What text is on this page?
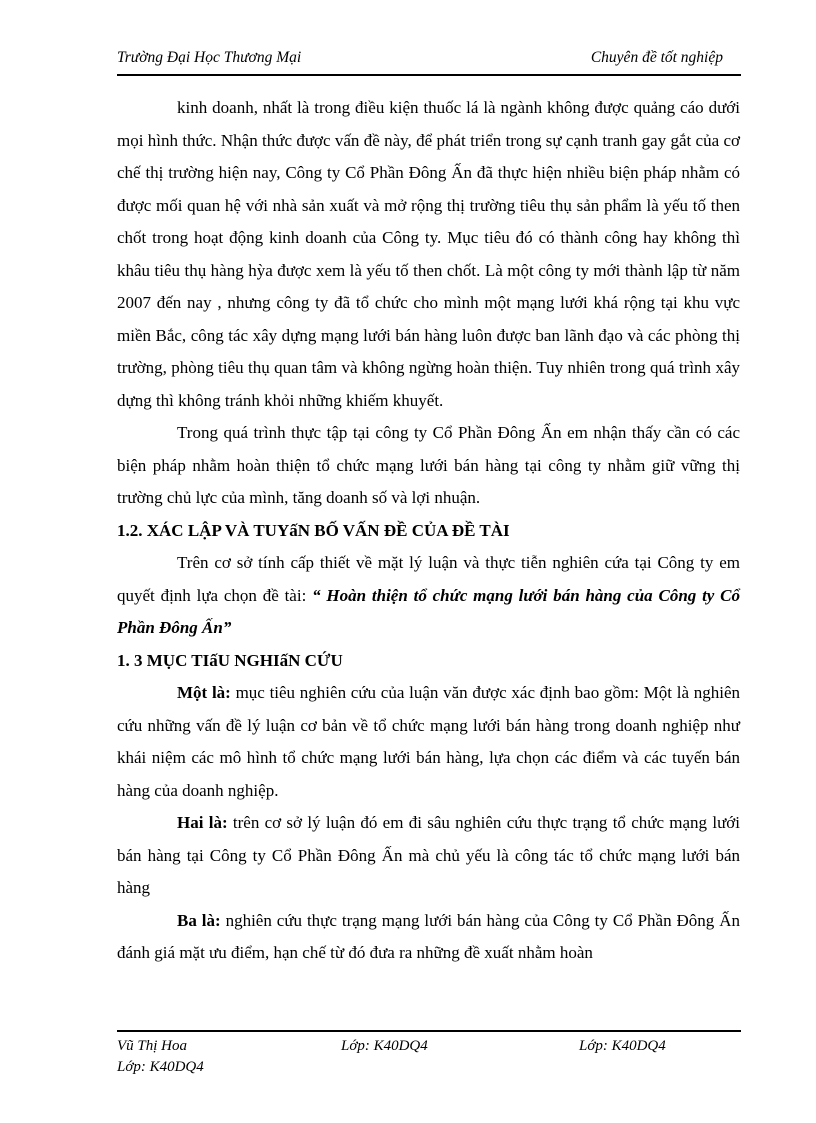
Trường Đại Học Thương Mại	Chuyên đề tốt nghiệp

kinh doanh, nhất là trong điều kiện thuốc lá là ngành không được quảng cáo dưới mọi hình thức. Nhận thức được vấn đề này, để phát triển trong sự cạnh tranh gay gắt của cơ chế thị trường hiện nay, Công ty Cổ Phần Đông Ấn đã thực hiện nhiều biện pháp nhằm có được mối quan hệ với nhà sản xuất và mở rộng thị trường tiêu thụ sản phẩm là yếu tố then chốt trong hoạt động kinh doanh của Công ty. Mục tiêu đó có thành công hay không thì khâu tiêu thụ hàng hỳa được xem là yếu tố then chốt. Là một công ty mới thành lập từ năm 2007 đến nay , nhưng công ty đã tổ chức cho mình một mạng lưới khá rộng tại khu vực miền Bắc, công tác xây dựng mạng lưới bán hàng luôn được ban lãnh đạo và các phòng thị trường, phòng tiêu thụ quan tâm và không ngừng hoàn thiện. Tuy nhiên trong quá trình xây dựng thì không tránh khỏi những khiếm khuyết.

Trong quá trình thực tập tại công ty Cổ Phần Đông Ấn em nhận thấy cần có các biện pháp nhằm hoàn thiện tổ chức mạng lưới bán hàng tại công ty nhằm giữ vững thị trường chủ lực của mình, tăng doanh số và lợi nhuận.

1.2. XÁC LẬP VÀ TUYấN BỐ VẤN ĐỀ CỦA ĐỀ TÀI

Trên cơ sở tính cấp thiết về mặt lý luận và thực tiễn nghiên cứa tại Công ty em quyết định lựa chọn đề tài: “ Hoàn thiện tổ chức mạng lưới bán hàng của Công ty Cổ Phần Đông Ấn”

1. 3 MỤC TIấU NGHIấN CỨU

Một là: mục tiêu nghiên cứu của luận văn được xác định bao gồm: Một là nghiên cứu những vấn đề lý luận cơ bản về tổ chức mạng lưới bán hàng trong doanh nghiệp như khái niệm các mô hình tổ chức mạng lưới bán hàng, lựa chọn các điểm và các tuyến bán hàng của doanh nghiệp.

Hai là: trên cơ sở lý luận đó em đi sâu nghiên cứu thực trạng tổ chức mạng lưới bán hàng tại Công ty Cổ Phần Đông Ấn mà chủ yếu là công tác tổ chức mạng lưới bán hàng

Ba là: nghiên cứu thực trạng mạng lưới bán hàng của Công ty Cổ Phần Đông Ấn đánh giá mặt ưu điểm, hạn chế từ đó đưa ra những đề xuất nhằm hoàn

Vũ Thị Hoa	Lớp: K40DQ4	Lớp: K40DQ4
Lớp: K40DQ4
